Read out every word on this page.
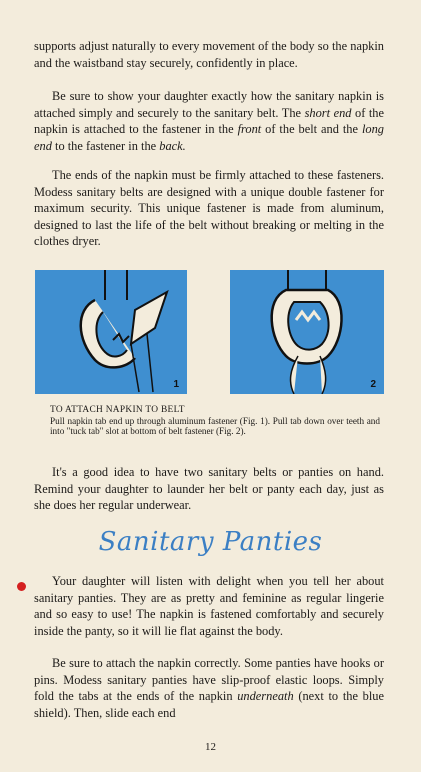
supports adjust naturally to every movement of the body so the napkin and the waistband stay securely, confidently in place.

Be sure to show your daughter exactly how the sanitary napkin is attached simply and securely to the sanitary belt. The short end of the napkin is attached to the fastener in the front of the belt and the long end to the fastener in the back.

The ends of the napkin must be firmly attached to these fasteners. Modess sanitary belts are designed with a unique double fastener for maximum security. This unique fastener is made from aluminum, designed to last the life of the belt without breaking or melting in the clothes dryer.

1	2

TO ATTACH NAPKIN TO BELT
Pull napkin tab end up through aluminum fastener (Fig. 1). Pull tab down over teeth and into "tuck tab" slot at bottom of belt fastener (Fig. 2).

It's a good idea to have two sanitary belts or panties on hand. Remind your daughter to launder her belt or panty each day, just as she does her regular underwear.

Sanitary Panties

Your daughter will listen with delight when you tell her about sanitary panties. They are as pretty and feminine as regular lingerie and so easy to use! The napkin is fastened comfortably and securely inside the panty, so it will lie flat against the body.

Be sure to attach the napkin correctly. Some panties have hooks or pins. Modess sanitary panties have slip-proof elastic loops. Simply fold the tabs at the ends of the napkin underneath (next to the blue shield). Then, slide each end

12
